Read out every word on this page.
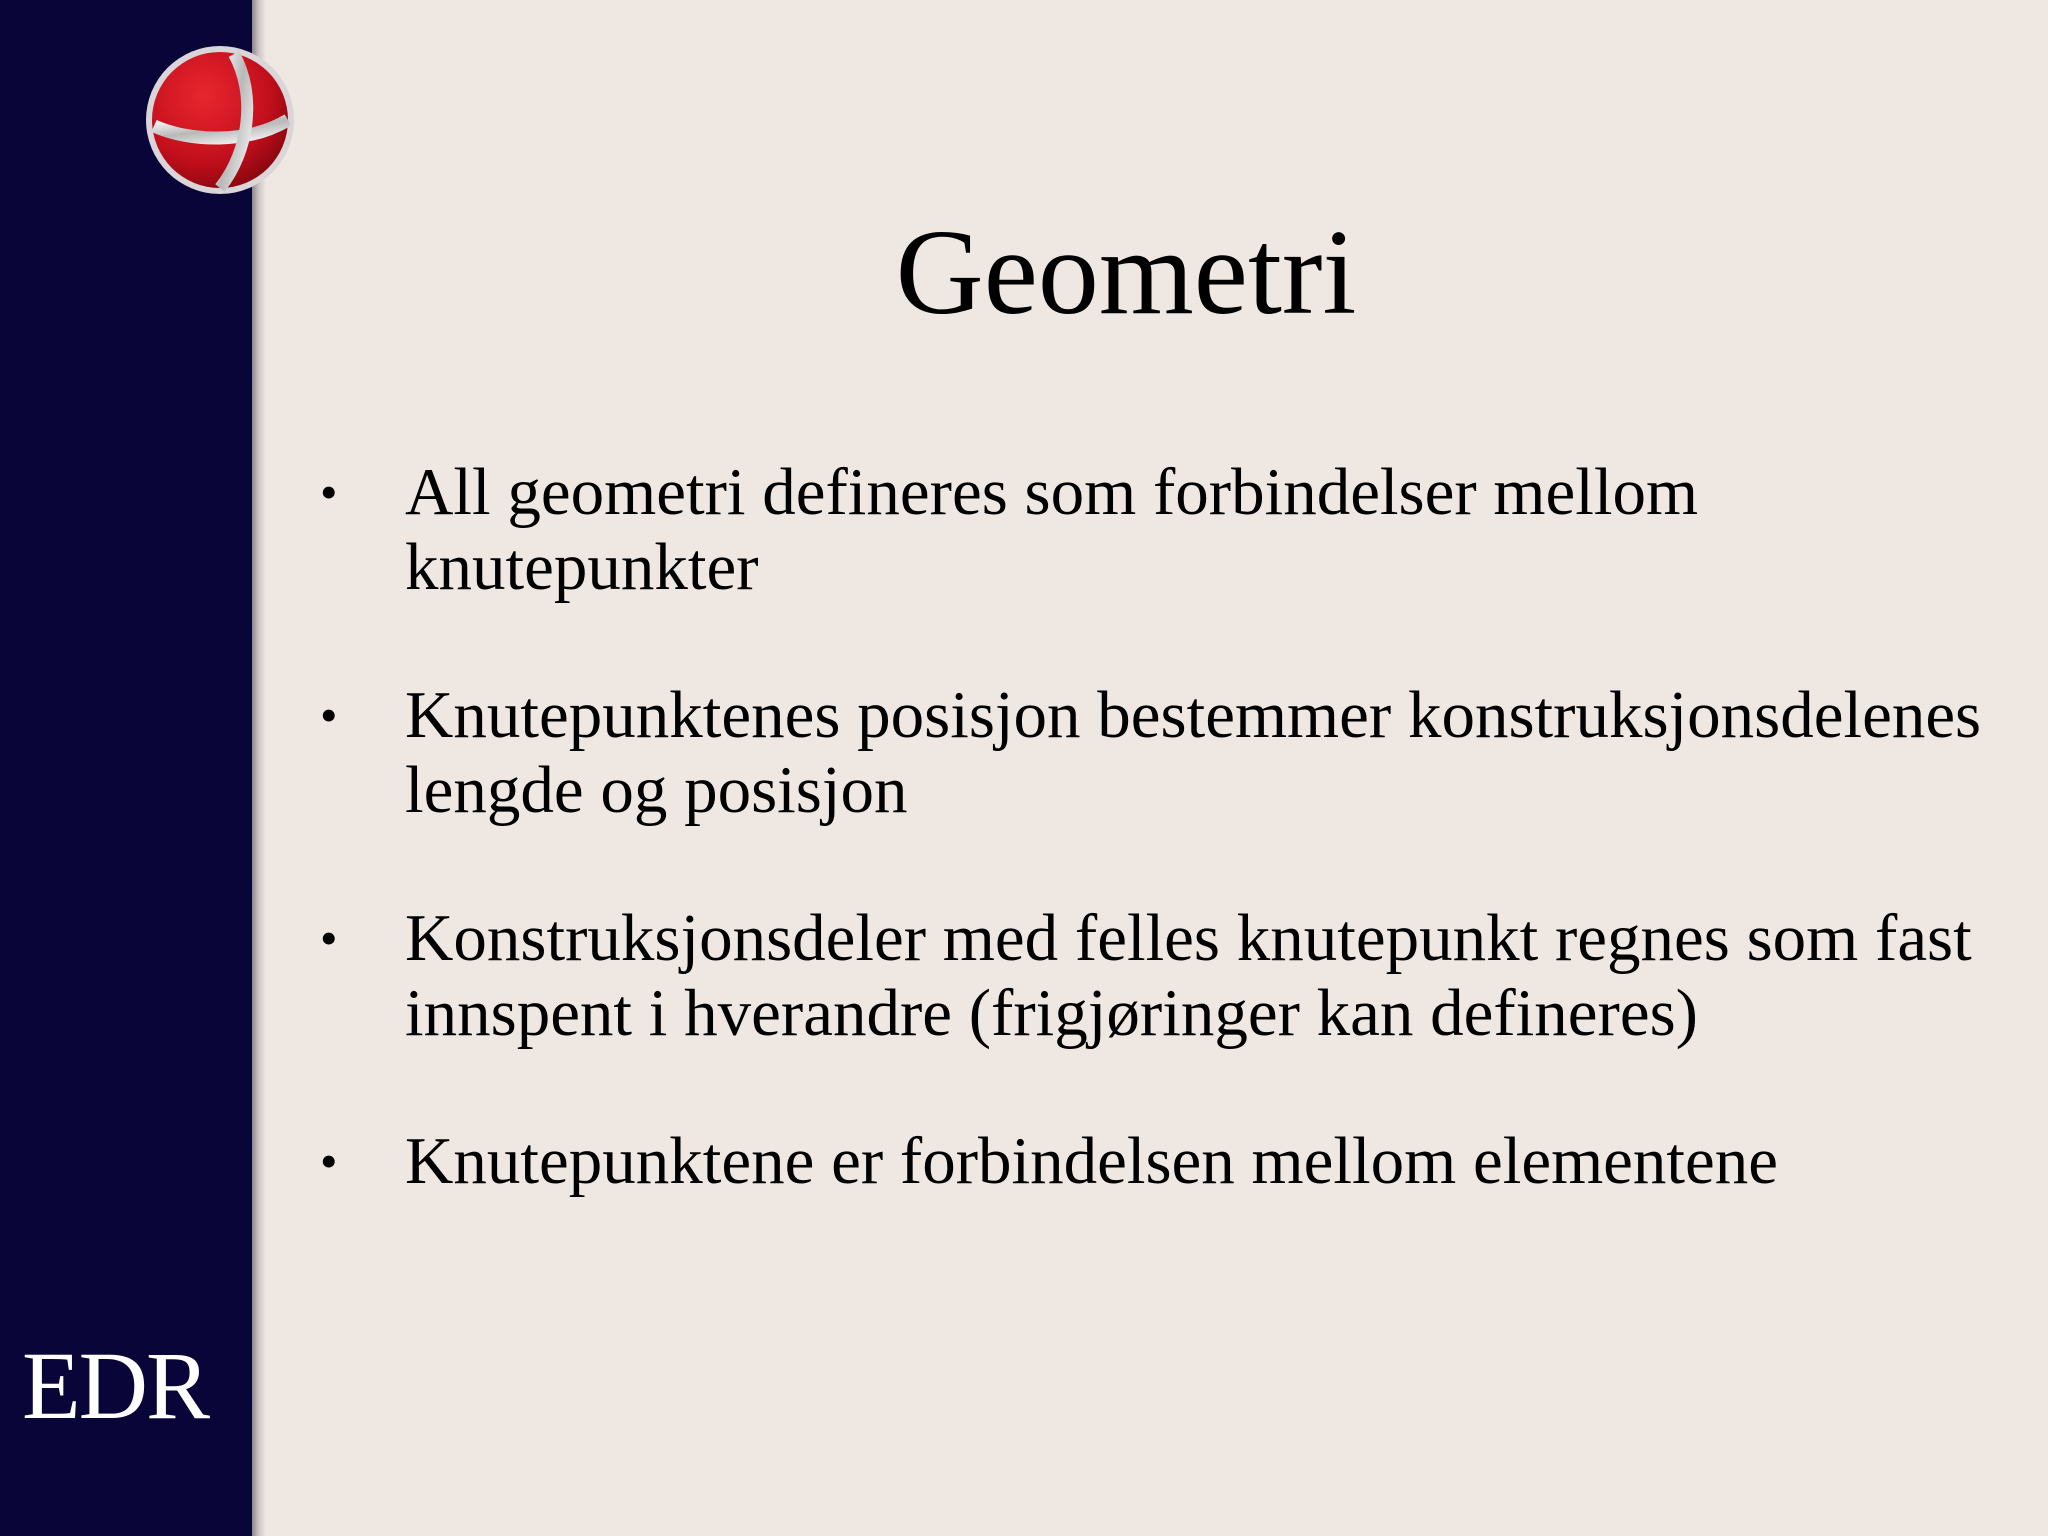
EDR
Geometri
• All geometri defineres som forbindelser mellom knutepunkter
• Knutepunktenes posisjon bestemmer konstruksjonsdelenes lengde og posisjon
• Konstruksjonsdeler med felles knutepunkt regnes som fast innspent i hverandre (frigjøringer kan defineres)
• Knutepunktene er forbindelsen mellom elementene
